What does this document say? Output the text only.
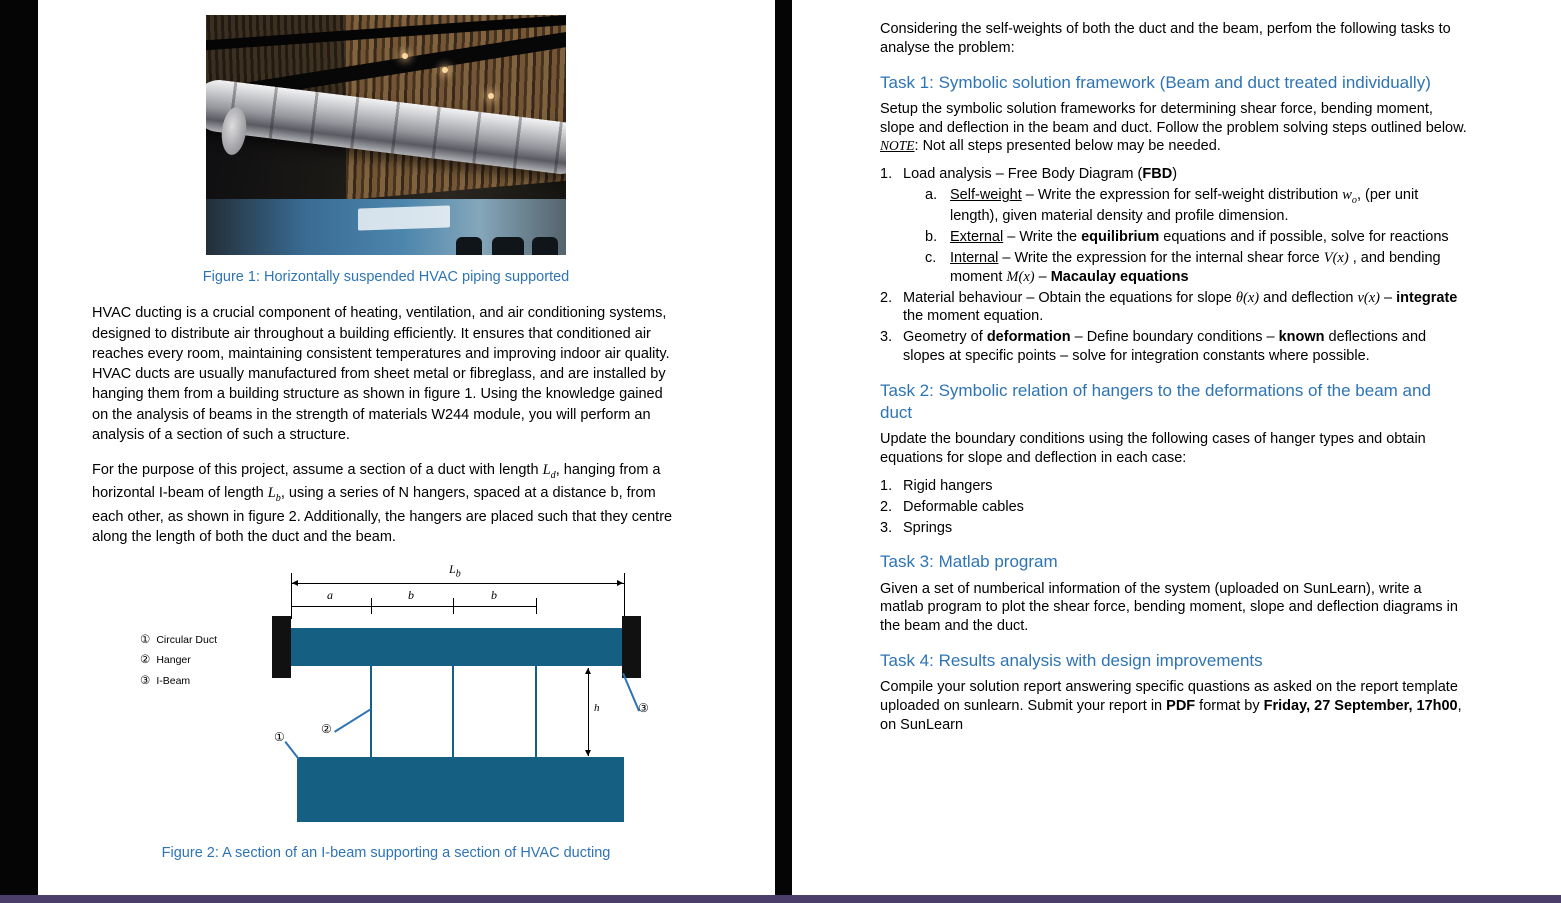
Figure 1: Horizontally suspended HVAC piping supported

HVAC ducting is a crucial component of heating, ventilation, and air conditioning systems, designed to distribute air throughout a building efficiently. It ensures that conditioned air reaches every room, maintaining consistent temperatures and improving indoor air quality. HVAC ducts are usually manufactured from sheet metal or fibreglass, and are installed by hanging them from a building structure as shown in figure 1. Using the knowledge gained on the analysis of beams in the strength of materials W244 module, you will perform an analysis of a section of such a structure.

For the purpose of this project, assume a section of a duct with length $L_d$, hanging from a horizontal I-beam of length $L_b$, using a series of N hangers, spaced at a distance b, from each other, as shown in figure 2. Additionally, the hangers are placed such that they centre along the length of both the duct and the beam.

$L_b$
a	b	b
h
① Circular Duct
② Hanger
③ I-Beam
①
②
③
Figure 2: A section of an I-beam supporting a section of HVAC ducting

Considering the self-weights of both the duct and the beam, perfom the following tasks to analyse the problem:

Task 1: Symbolic solution framework (Beam and duct treated individually)

Setup the symbolic solution frameworks for determining shear force, bending moment, slope and deflection in the beam and duct. Follow the problem solving steps outlined below. NOTE: Not all steps presented below may be needed.

1. Load analysis – Free Body Diagram (FBD)
a. Self-weight – Write the expression for self-weight distribution $w_o$, (per unit length), given material density and profile dimension.
b. External – Write the equilibrium equations and if possible, solve for reactions
c. Internal – Write the expression for the internal shear force V(x) , and bending moment M(x) – Macaulay equations
2. Material behaviour – Obtain the equations for slope θ(x) and deflection v(x) – integrate the moment equation.
3. Geometry of deformation – Define boundary conditions – known deflections and slopes at specific points – solve for integration constants where possible.
Task 2: Symbolic relation of hangers to the deformations of the beam and duct

Update the boundary conditions using the following cases of hanger types and obtain equations for slope and deflection in each case:

1. Rigid hangers
2. Deformable cables
3. Springs
Task 3: Matlab program

Given a set of numberical information of the system (uploaded on SunLearn), write a matlab program to plot the shear force, bending moment, slope and deflection diagrams in the beam and the duct.

Task 4: Results analysis with design improvements

Compile your solution report answering specific quastions as asked on the report template uploaded on sunlearn. Submit your report in PDF format by Friday, 27 September, 17h00, on SunLearn
